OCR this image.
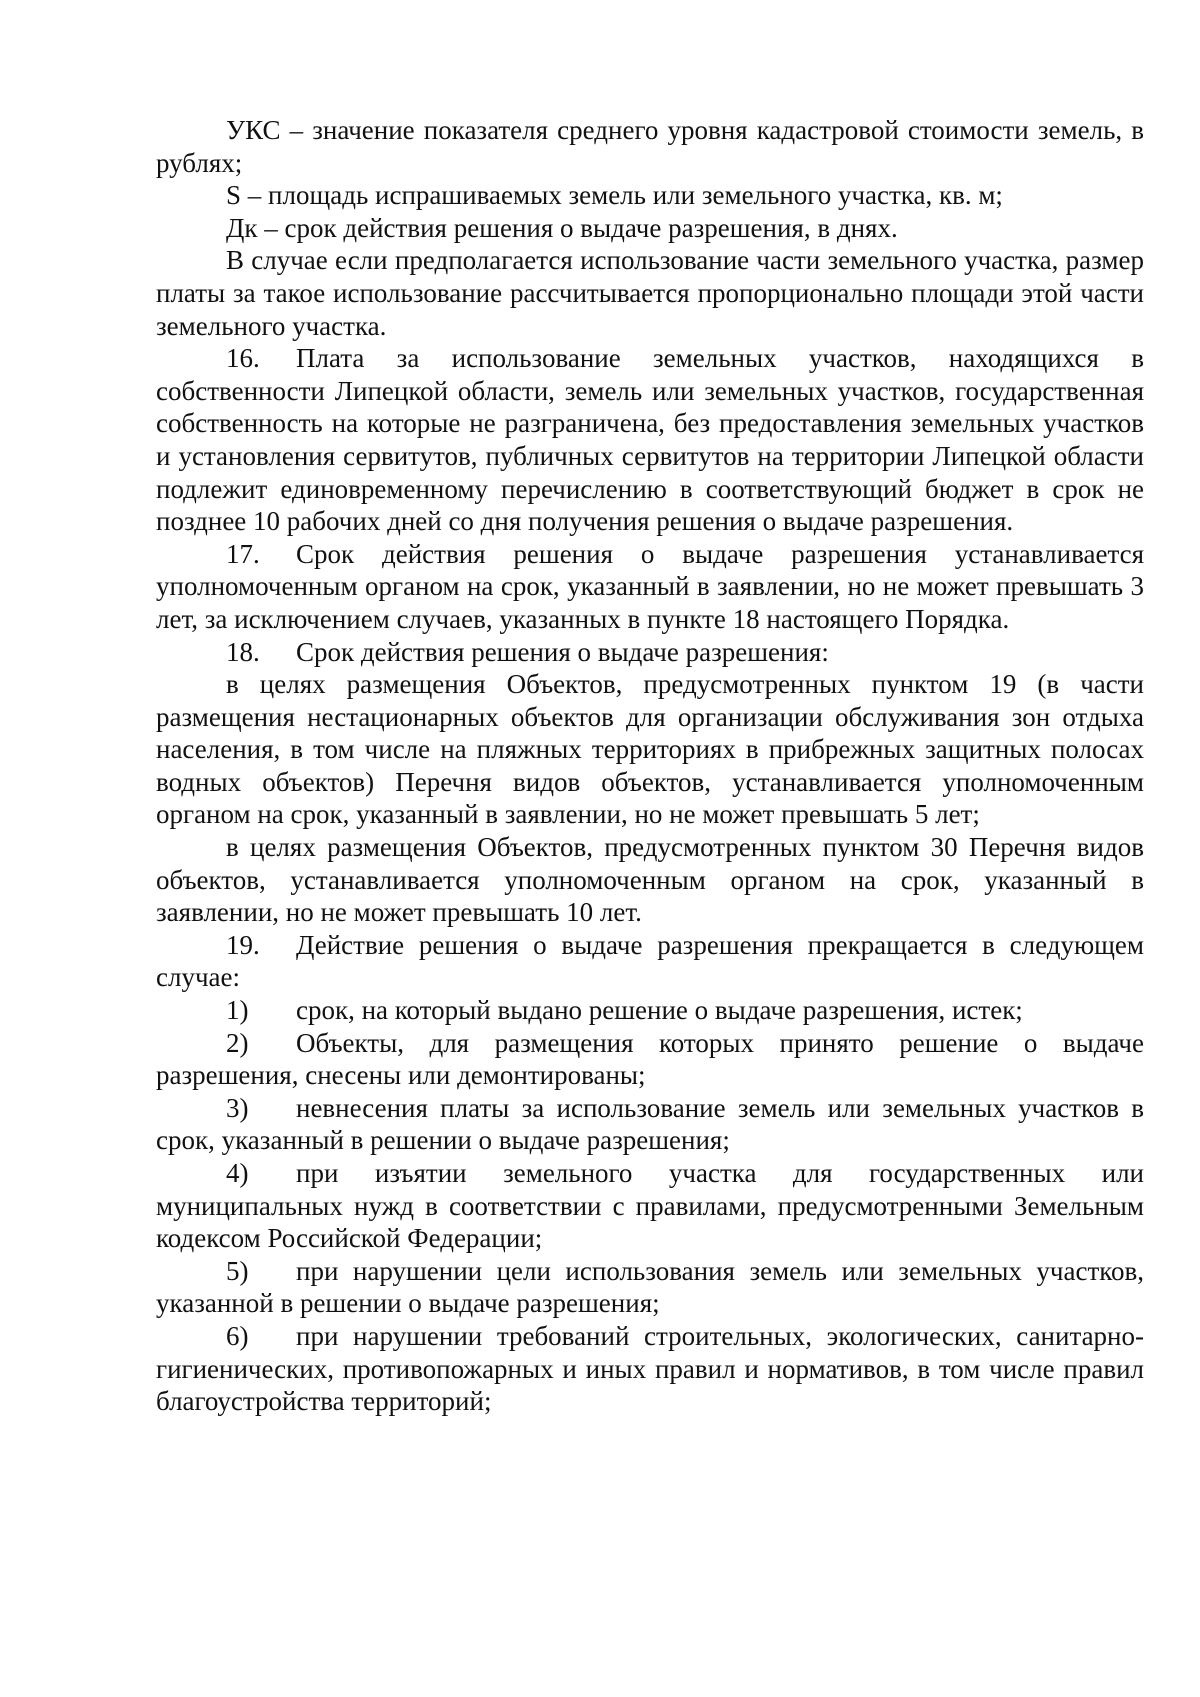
УКС – значение показателя среднего уровня кадастровой стоимости земель, в рублях;

S – площадь испрашиваемых земель или земельного участка, кв. м;

Дк – срок действия решения о выдаче разрешения, в днях.

В случае если предполагается использование части земельного участка, размер платы за такое использование рассчитывается пропорционально площади этой части земельного участка.

16. Плата за использование земельных участков, находящихся в собственности Липецкой области, земель или земельных участков, государственная собственность на которые не разграничена, без предоставления земельных участков и установления сервитутов, публичных сервитутов на территории Липецкой области подлежит единовременному перечислению в соответствующий бюджет в срок не позднее 10 рабочих дней со дня получения решения о выдаче разрешения.

17. Срок действия решения о выдаче разрешения устанавливается уполномоченным органом на срок, указанный в заявлении, но не может превышать 3 лет, за исключением случаев, указанных в пункте 18 настоящего Порядка.

18. Срок действия решения о выдаче разрешения:

в целях размещения Объектов, предусмотренных пунктом 19 (в части размещения нестационарных объектов для организации обслуживания зон отдыха населения, в том числе на пляжных территориях в прибрежных защитных полосах водных объектов) Перечня видов объектов, устанавливается уполномоченным органом на срок, указанный в заявлении, но не может превышать 5 лет;

в целях размещения Объектов, предусмотренных пунктом 30 Перечня видов объектов, устанавливается уполномоченным органом на срок, указанный в заявлении, но не может превышать 10 лет.

19. Действие решения о выдаче разрешения прекращается в следующем случае:

1) срок, на который выдано решение о выдаче разрешения, истек;

2) Объекты, для размещения которых принято решение о выдаче разрешения, снесены или демонтированы;

3) невнесения платы за использование земель или земельных участков в срок, указанный в решении о выдаче разрешения;

4) при изъятии земельного участка для государственных или муниципальных нужд в соответствии с правилами, предусмотренными Земельным кодексом Российской Федерации;

5) при нарушении цели использования земель или земельных участков, указанной в решении о выдаче разрешения;

6) при нарушении требований строительных, экологических, санитарно-гигиенических, противопожарных и иных правил и нормативов, в том числе правил благоустройства территорий;
